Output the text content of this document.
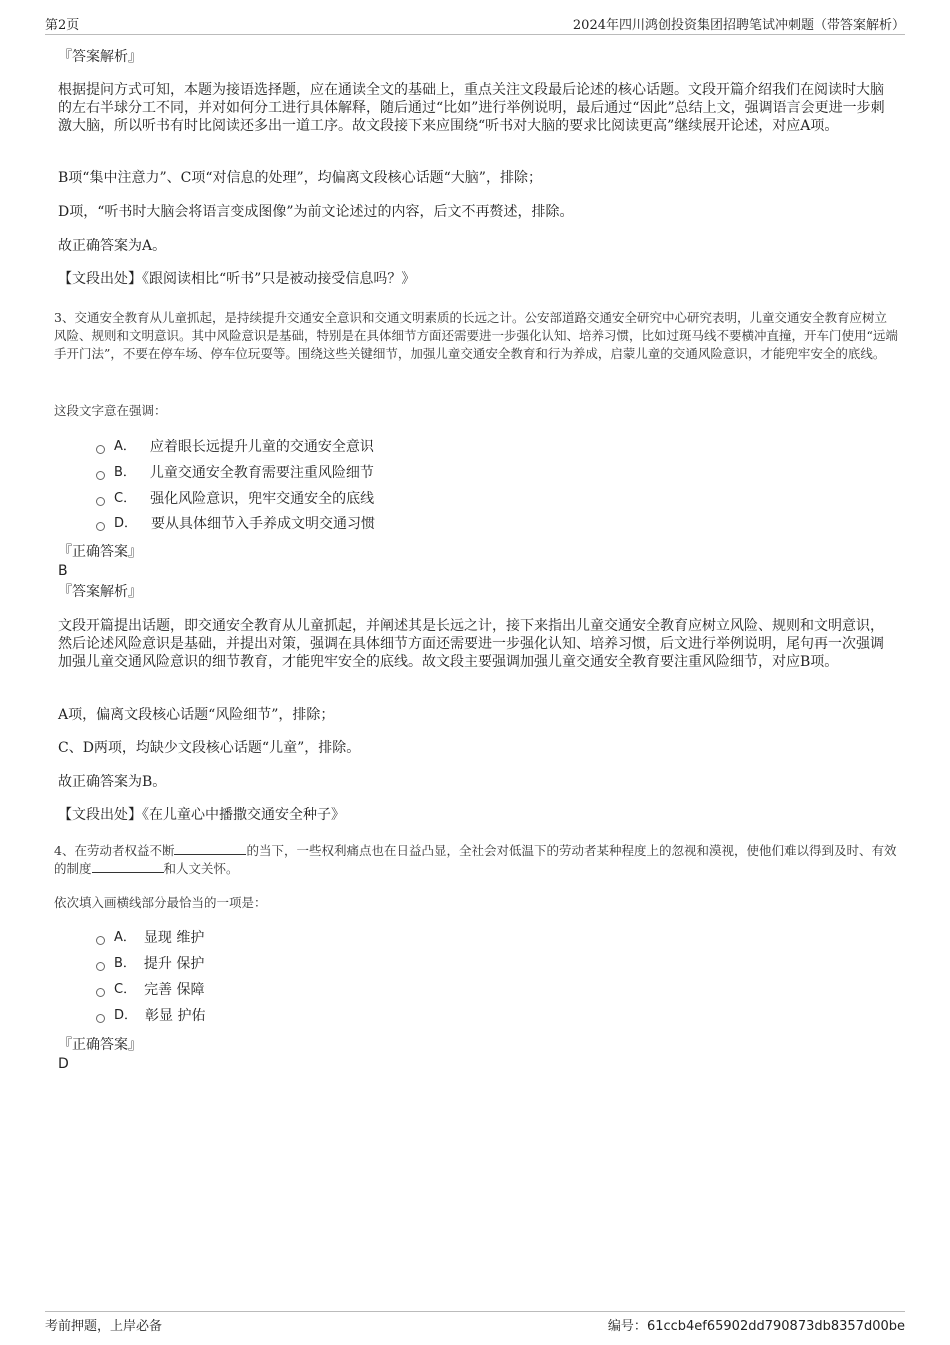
第2页	2024年四川鸿创投资集团招聘笔试冲刺题（带答案解析）

『答案解析』

根据提问方式可知，本题为接语选择题，应在通读全文的基础上，重点关注文段最后论述的核心话题。文段开篇介绍我们在阅读时大脑的左右半球分工不同，并对如何分工进行具体解释，随后通过“比如”进行举例说明，最后通过“因此”总结上文，强调语言会更进一步刺激大脑，所以听书有时比阅读还多出一道工序。故文段接下来应围绕“听书对大脑的要求比阅读更高”继续展开论述，对应A项。

B项“集中注意力”、C项“对信息的处理”，均偏离文段核心话题“大脑”，排除；

D项，“听书时大脑会将语言变成图像”为前文论述过的内容，后文不再赘述，排除。

故正确答案为A。

【文段出处】《跟阅读相比“听书”只是被动接受信息吗？》

3、交通安全教育从儿童抓起，是持续提升交通安全意识和交通文明素质的长远之计。公安部道路交通安全研究中心研究表明，儿童交通安全教育应树立风险、规则和文明意识。其中风险意识是基础，特别是在具体细节方面还需要进一步强化认知、培养习惯，比如过斑马线不要横冲直撞，开车门使用“远端手开门法”，不要在停车场、停车位玩耍等。围绕这些关键细节，加强儿童交通安全教育和行为养成，启蒙儿童的交通风险意识，才能兜牢安全的底线。

这段文字意在强调：

A． 应着眼长远提升儿童的交通安全意识
B． 儿童交通安全教育需要注重风险细节
C． 强化风险意识，兜牢交通安全的底线
D． 要从具体细节入手养成文明交通习惯

『正确答案』

B

『答案解析』

文段开篇提出话题，即交通安全教育从儿童抓起，并阐述其是长远之计，接下来指出儿童交通安全教育应树立风险、规则和文明意识，然后论述风险意识是基础，并提出对策，强调在具体细节方面还需要进一步强化认知、培养习惯，后文进行举例说明，尾句再一次强调加强儿童交通风险意识的细节教育，才能兜牢安全的底线。故文段主要强调加强儿童交通安全教育要注重风险细节，对应B项。

A项，偏离文段核心话题“风险细节”，排除；

C、D两项，均缺少文段核心话题“儿童”，排除。

故正确答案为B。

【文段出处】《在儿童心中播撒交通安全种子》

4、在劳动者权益不断	的当下，一些权利痛点也在日益凸显，全社会对低温下的劳动者某种程度上的忽视和漠视，使他们难以得到及时、有效的制度	和人文关怀。

依次填入画横线部分最恰当的一项是：

A． 显现 维护
B． 提升 保护
C． 完善 保障
D． 彰显 护佑

『正确答案』

D

考前押题，上岸必备	编号：61ccb4ef65902dd790873db8357d00be
